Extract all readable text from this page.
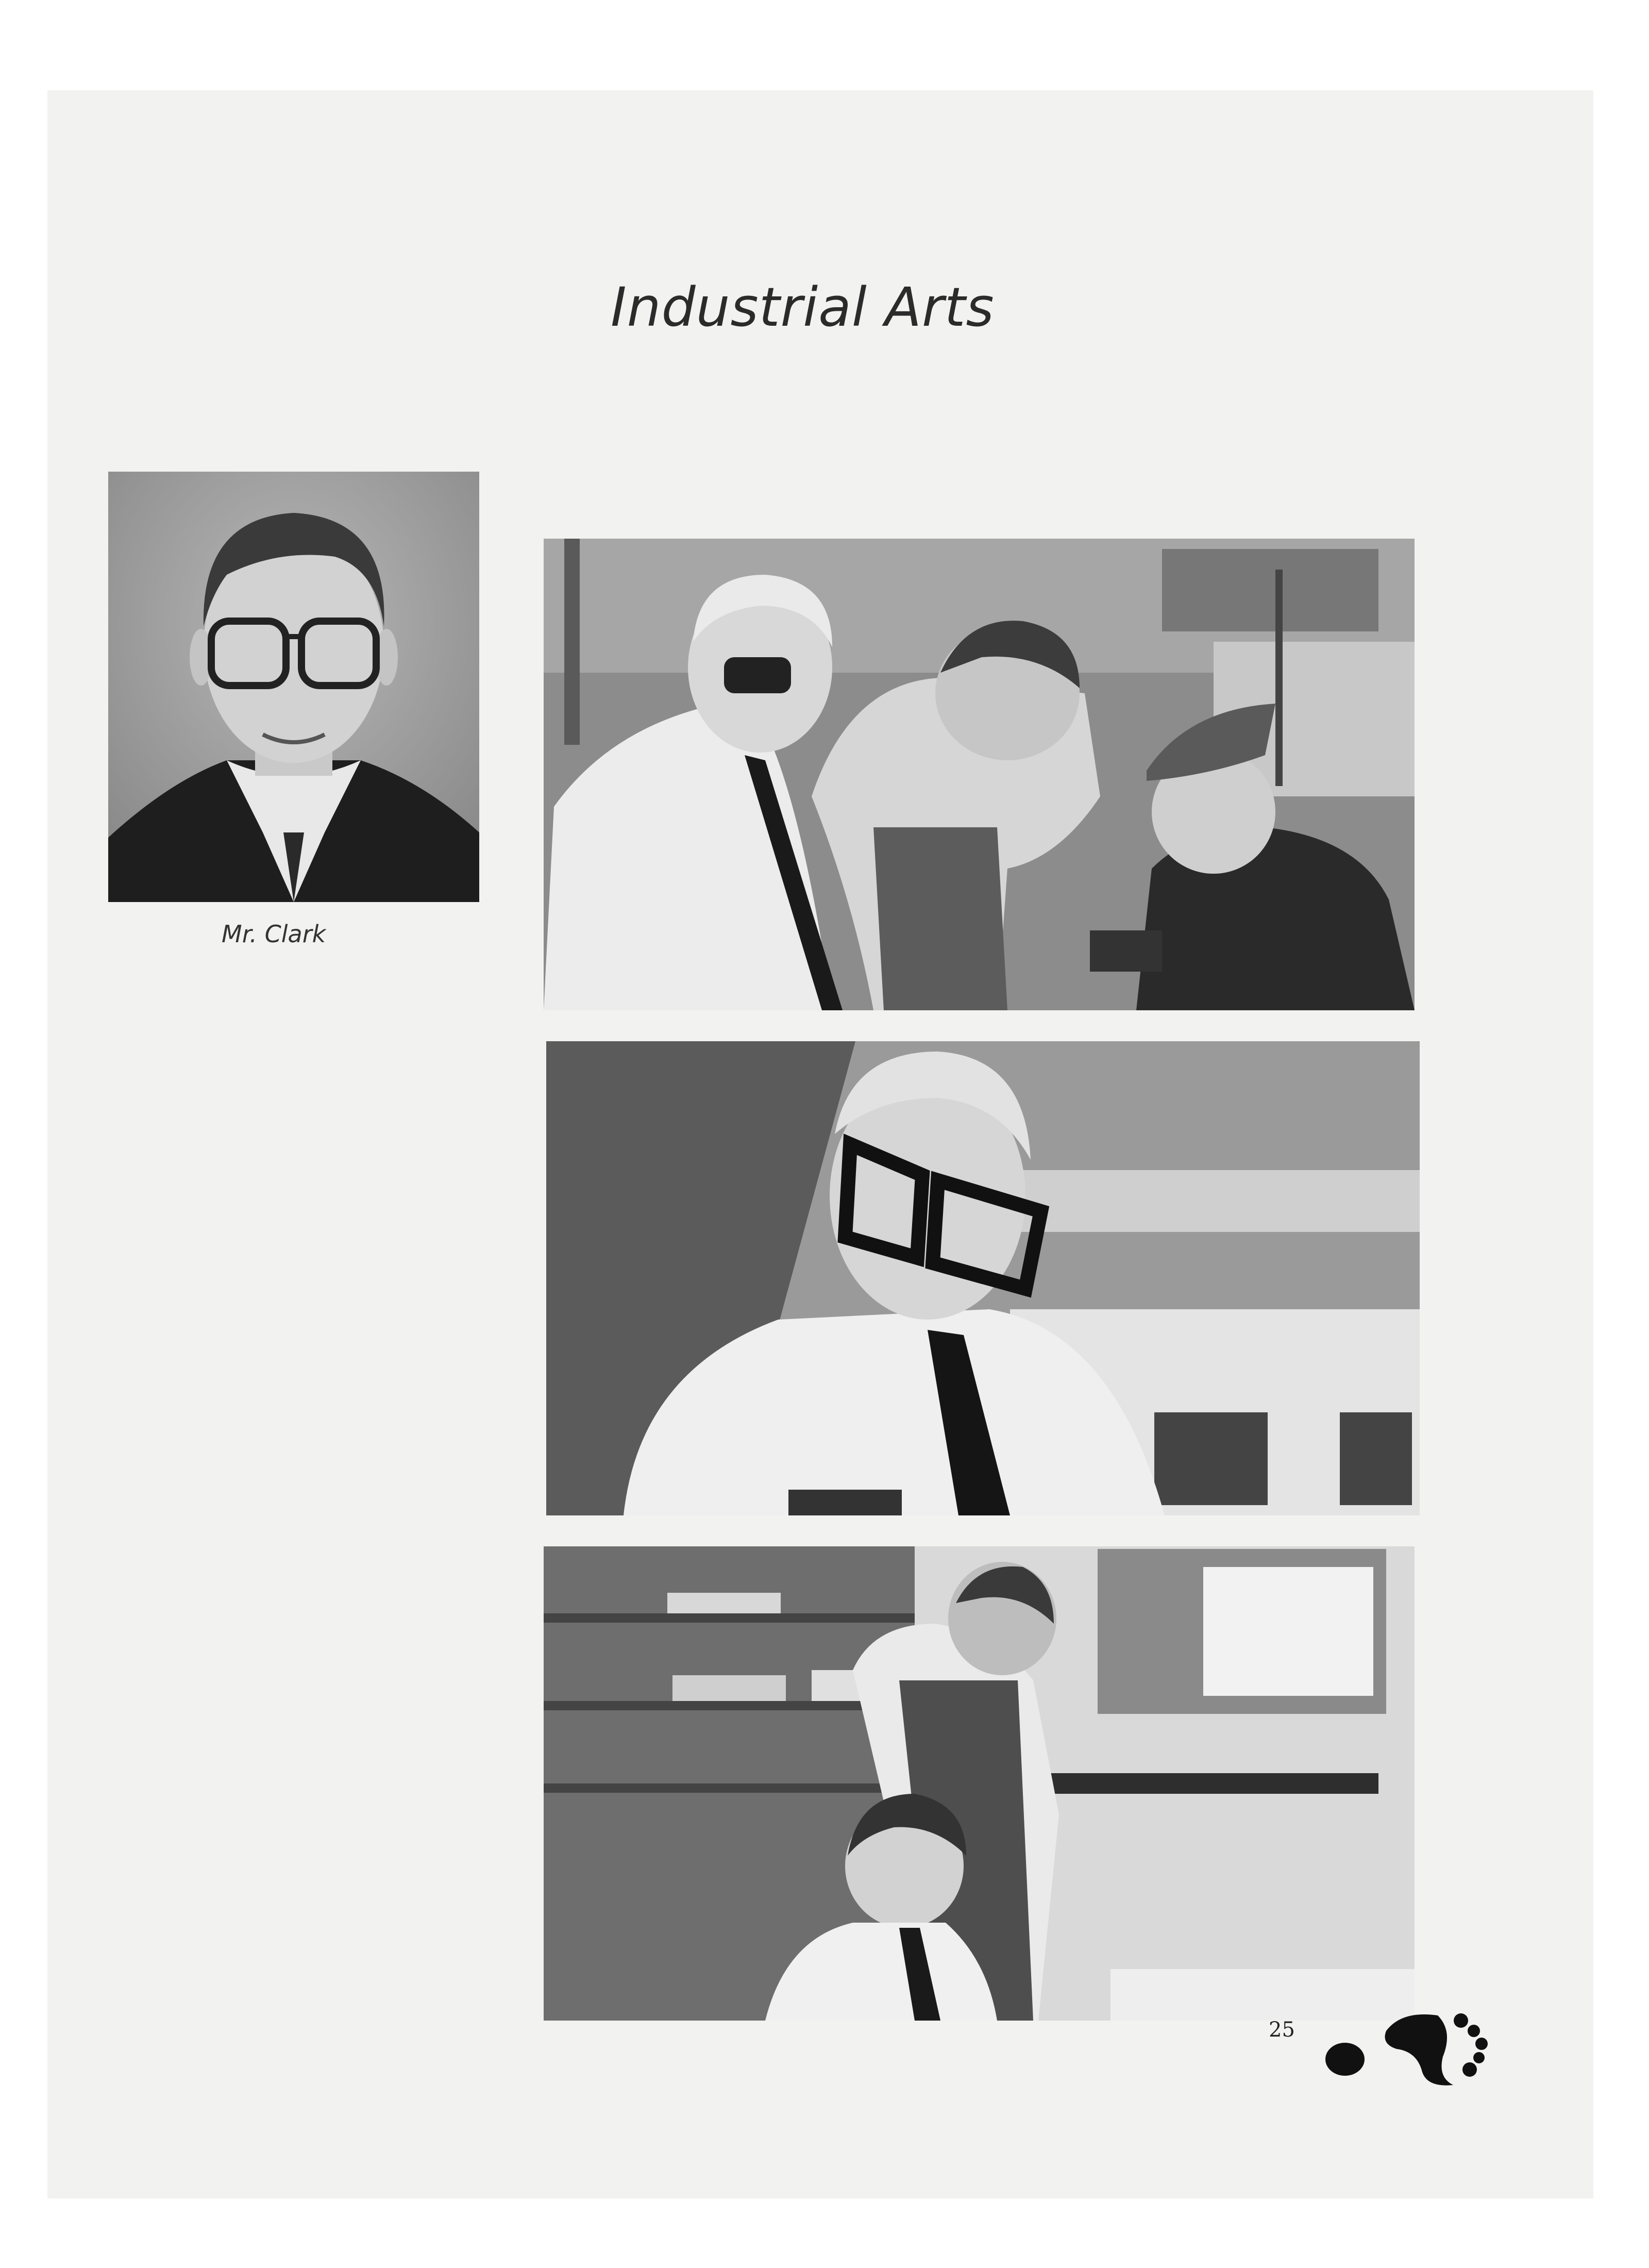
Industrial Arts
Mr. Clark
25
